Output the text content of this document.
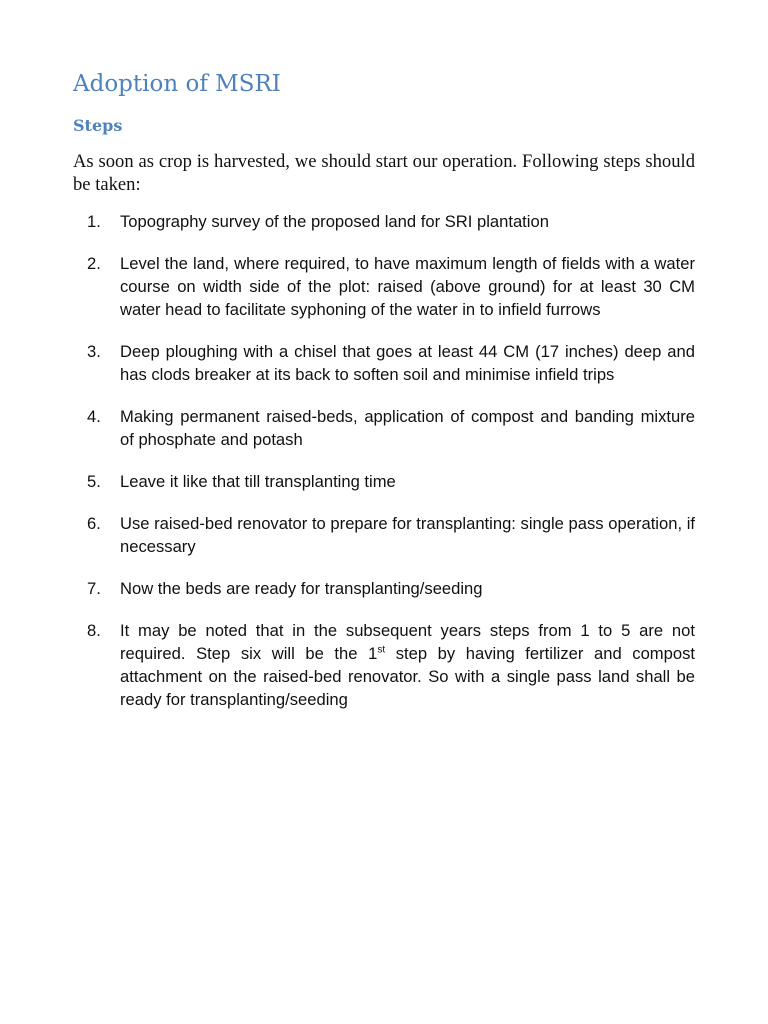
Adoption of MSRI
Steps

As soon as crop is harvested, we should start our operation. Following steps should be taken:

1. Topography survey of the proposed land for SRI plantation
2. Level the land, where required, to have maximum length of fields with a water course on width side of the plot: raised (above ground) for at least 30 CM water head to facilitate syphoning of the water in to infield furrows
3. Deep ploughing with a chisel that goes at least 44 CM (17 inches) deep and has clods breaker at its back to soften soil and minimise infield trips
4. Making permanent raised-beds, application of compost and banding mixture of phosphate and potash
5. Leave it like that till transplanting time
6. Use raised-bed renovator to prepare for transplanting: single pass operation, if necessary
7. Now the beds are ready for transplanting/seeding
8. It may be noted that in the subsequent years steps from 1 to 5 are not required. Step six will be the 1st step by having fertilizer and compost attachment on the raised-bed renovator. So with a single pass land shall be ready for transplanting/seeding
